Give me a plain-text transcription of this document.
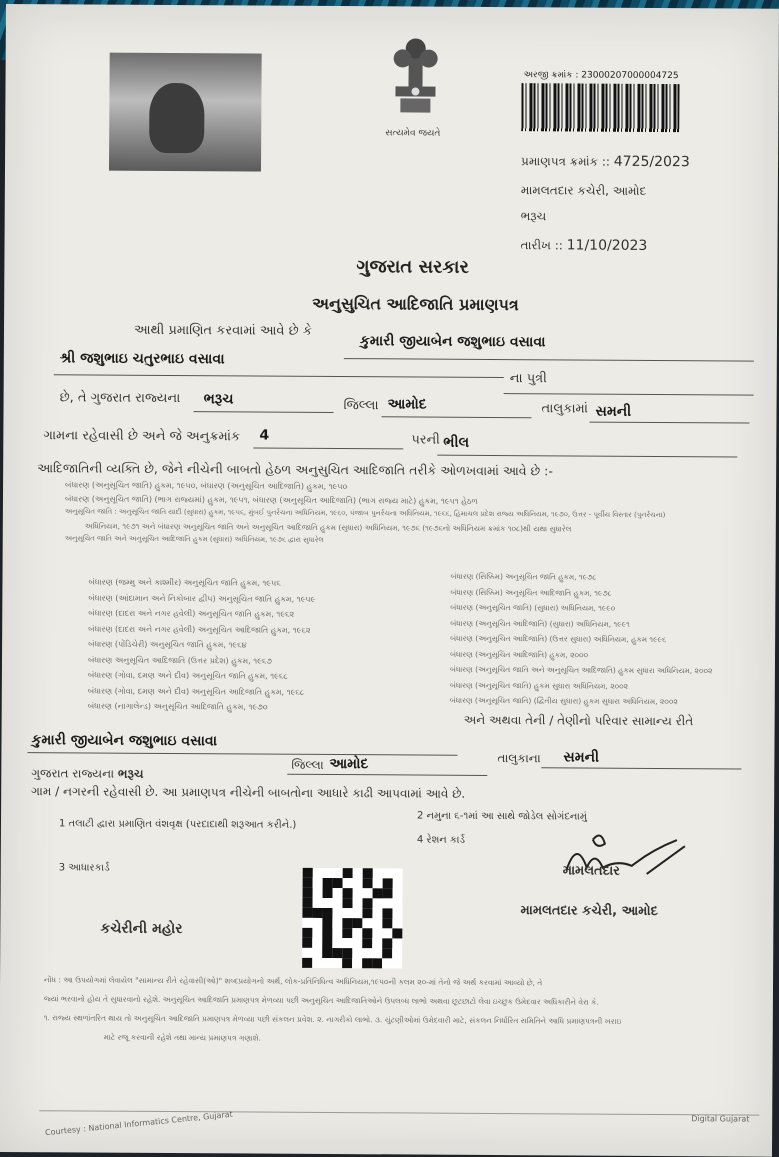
સત્યમેવ જયતે
અરજી ક્રમાંક : 23000207000004725
પ્રમાણપત્ર ક્રમાંક :: 4725/2023
મામલતદાર કચેરી, આમોદ
ભરૂચ
તારીખ :: 11/10/2023
ગુજરાત સરકાર
અનુસુચિત આદિજાતિ પ્રમાણપત્ર
આથી પ્રમાણિત કરવામાં આવે છે કે
કુમારી જીયાબેન જશુભાઇ વસાવા
શ્રી જશુભાઇ ચતુરભાઇ વસાવા
ના પુત્રી
છે, તે ગુજરાત રાજ્યના ભરૂચ	જિલ્લા આમોદ	તાલુકામાં સમની
ગામના રહેવાસી છે અને જે અનુક્રમાંક 4	પરની ભીલ
આદિજાતિની વ્યક્તિ છે, જેને નીચેની બાબતો હેઠળ અનુસુચિત આદિજાતિ તરીકે ઓળખવામાં આવે છે :-
બંધારણ (અનુસૂચિત જાતિ) હુકમ, ૧૯૫૦, બંધારણ (અનુસૂચિત આદિજાતિ) હુકમ, ૧૯૫૦
બંધારણ (અનુસૂચિત જાતિ) (ભાગ રાજ્યમાં) હુકમ, ૧૯૫૧, બંધારણ (અનુસૂચિત આદિજાતિ) (ભાગ રાજ્ય માટે) હુકમ, ૧૯૫૧ હેઠળ
અનુસૂચિત જાતિ : અનુસૂચિત જાતિ યાદી (સુધારા) હુકમ, ૧૯૫૬, મુંબઈ પુનર્રચના અધિનિયમ, ૧૯૬૦, પંજાબ પુનર્રચના અધિનિયમ, ૧૯૬૬, હિમાચલ પ્રદેશ રાજ્ય અધિનિયમ, ૧૯૭૦, ઉત્તર - પૂર્વીય વિસ્તાર (પુનર્રચના)
અધિનિયમ, ૧૯૭૧ અને બંધારણ અનુસૂચિત જાતિ અને અનુસૂચિત આદિજાતિ હુકમ (સુધારા) અધિનિયમ, ૧૯૭૬ (૧૯૭૬નો અધિનિયમ ક્રમાંક ૧૦૮)થી યથા સુધારેલ
અનુસૂચિત જાતિ અને અનુસૂચિત આદિજાતિ હુકમ (સુધારા) અધિનિયમ, ૧૯૭૬ દ્વારા સુધારેલ
બંધારણ (જમ્મુ અને કાશ્મીર) અનુસૂચિત જાતિ હુકમ, ૧૯૫૬
બંધારણ (આંદામાન અને નિકોબાર દ્વીપ) અનુસૂચિત જાતિ હુકમ, ૧૯૫૯
બંધારણ (દાદરા અને નગર હવેલી) અનુસૂચિત જાતિ હુકમ, ૧૯૬૨
બંધારણ (દાદરા અને નગર હવેલી) અનુસૂચિત આદિજાતિ હુકમ, ૧૯૬૨
બંધારણ (પોંડિચેરી) અનુસૂચિત જાતિ હુકમ, ૧૯૬૪
બંધારણ અનુસૂચિત આદિજાતિ (ઉત્તર પ્રદેશ) હુકમ, ૧૯૬૭
બંધારણ (ગોવા, દમણ અને દીવ) અનુસૂચિત જાતિ હુકમ, ૧૯૬૮
બંધારણ (ગોવા, દમણ અને દીવ) અનુસૂચિત આદિજાતિ હુકમ, ૧૯૬૮
બંધારણ (નાગાલેન્ડ) અનુસૂચિત આદિજાતિ હુકમ, ૧૯૭૦
બંધારણ (સિક્કિમ) અનુસૂચિત જાતિ હુકમ, ૧૯૭૮
બંધારણ (સિક્કિમ) અનુસૂચિત આદિજાતિ હુકમ, ૧૯૭૮
બંધારણ (અનુસૂચિત જાતિ) (સુધારા) અધિનિયમ, ૧૯૯૦
બંધારણ (અનુસૂચિત આદિજાતિ) (સુધારા) અધિનિયમ, ૧૯૯૧
બંધારણ (અનુસૂચિત આદિજાતિ) (ઉત્તર સુધારા) અધિનિયમ, હુકમ ૧૯૯૬
બંધારણ (અનુસૂચિત આદિજાતિ) હુકમ, ૨૦૦૦
બંધારણ (અનુસૂચિત જાતિ અને અનુસૂચિત આદિજાતિ) હુકમ સુધારા અધિનિયમ, ૨૦૦૨
બંધારણ (અનુસૂચિત જાતિ) હુકમ સુધારા અધિનિયમ, ૨૦૦૨
બંધારણ (અનુસૂચિત જાતિ) (દ્વિતીય સુધારા) હુકમ સુધારા અધિનિયમ, ૨૦૦૨
અને અથવા તેની / તેણીનો પરિવાર સામાન્ય રીતે
કુમારી જીયાબેન જશુભાઇ વસાવા
જિલ્લા આમોદ	તાલુકાના સમની
ગુજરાત રાજ્યના ભરૂચ
ગામ / નગરની રહેવાસી છે. આ પ્રમાણપત્ર નીચેની બાબતોના આધારે કાઢી આપવામાં આવે છે.
1 તલાટી દ્વારા પ્રમાણિત વંશવૃક્ષ (પરદાદાથી શરૂઆત કરીને.)
2 નમુના ૬-૧માં આ સાથે જોડેલ સોગંદનામું
3 આધારકાર્ડ
4 રેશન કાર્ડ
કચેરીની મહોર
મામલતદાર
મામલતદાર કચેરી, આમોદ
નોંધ : આ ઉપયોગમાં લેવાયેલ "સામાન્ય રીતે રહેવાસી(ઓ)" શબ્દપ્રયોગનો અર્થ, લોક-પ્રતિનિધિત્વ અધિનિયમ,૧૯૫૦ની કલમ ૨૦-માં તેનો જે અર્થ કરવામાં આવ્યો છે, તે
જ્યાં ભરવાનો હોય તે સુધારવાનો રહેશે. અનુસૂચિત આદિજાતિ પ્રમાણપત્ર મેળવ્યા પછી અનુસૂચિત આદિજાતિઓને ઉપલબ્ધ લાભો અથવા છૂટછાટો લેવા ઇચ્છુક ઉમેદવાર અધિકારીને વેરા કે.
૧. રાજ્ય સ્થળાંતરિત થાય તો અનુસૂચિત આદિજાતિ પ્રમાણપત્ર મેળવ્યા પછી સંકલન પ્રવેશ. ૨. નાગરીકો લાભો. ૩. ચુંટણીઓમાં ઉમેદવારી માટે, સંકલન નિર્ધારિત સમિતિને આધિ પ્રમાણપત્રની ખરાઇ
માટે રજૂ કરવાની રહેશે તથા માન્ય પ્રમાણપત્ર ગણાશે.
Courtesy : National Informatics Centre, Gujarat	Digital Gujarat
